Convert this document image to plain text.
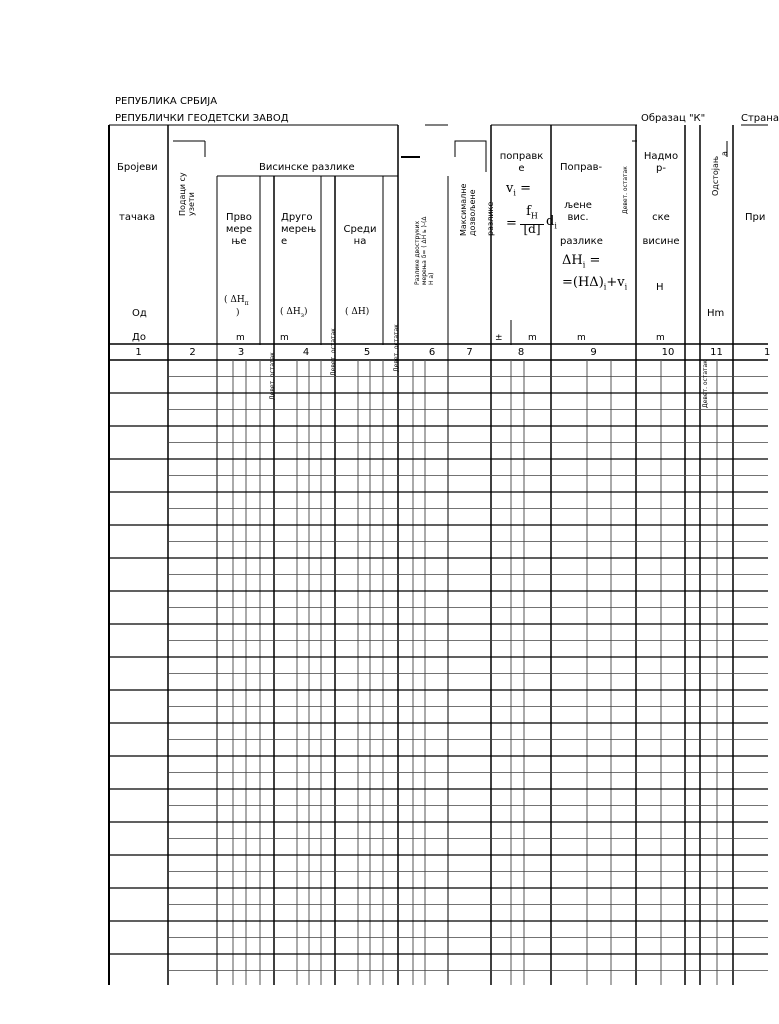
РЕПУБЛИКА СРБИЈА
РЕПУБЛИЧКИ ГЕОДЕТСКИ ЗАВОД	Образац "К"	Страна
Бројеви
тачака
Од
До
Подаци су узети
Висинске разлике
Прво
мере
ње
( $\Delta H_п$
)
m
Друго
мерењ
е
( $\Delta H_з$)
m
Среди
на
( ΔH)
Разлике двоструких мерења δ= ( ΔH ь )-(Δ H а)
Максималне дозвољене разлике
поправк
е
$v_i$ =
=
$f_H$
[d] $d_i$
±	m
Поправ-
љене
вис.
разлике
$\Delta H_i$ =
$=(H\Delta)_i+v_i$
m
Надмо
р-
ске
висине
H
m
Девет. остатак
Девет. остатак
Девет. остатак
Девет. остатак	Девет. остатак
Одстојањ
а
Hm
При
1	2	3	4	5	6	7	8	9	10	11	1
